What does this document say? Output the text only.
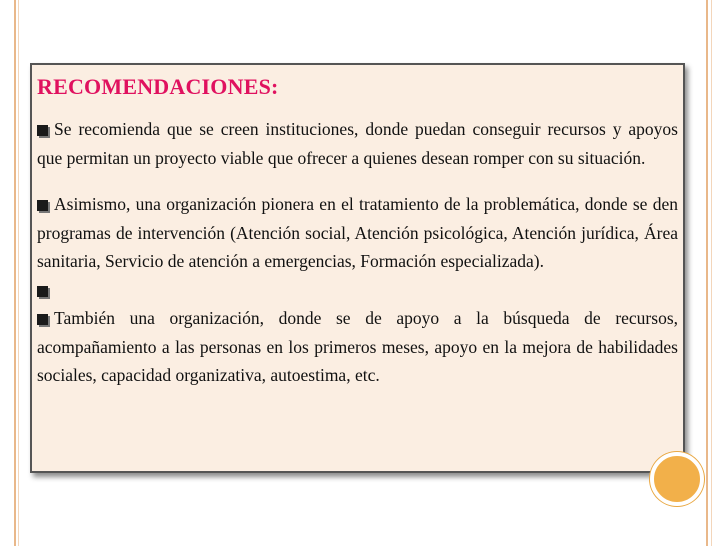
RECOMENDACIONES:

Se recomienda que se creen instituciones, donde puedan conseguir recursos y apoyos que permitan un proyecto viable que ofrecer a quienes desean romper con su situación.

Asimismo, una organización pionera en el tratamiento de la problemática, donde se den programas de intervención (Atención social, Atención psicológica, Atención jurídica, Área sanitaria, Servicio de atención a emergencias, Formación especializada).

También una organización, donde se de apoyo a la búsqueda de recursos, acompañamiento a las personas en los primeros meses, apoyo en la mejora de habilidades sociales, capacidad organizativa, autoestima, etc.
